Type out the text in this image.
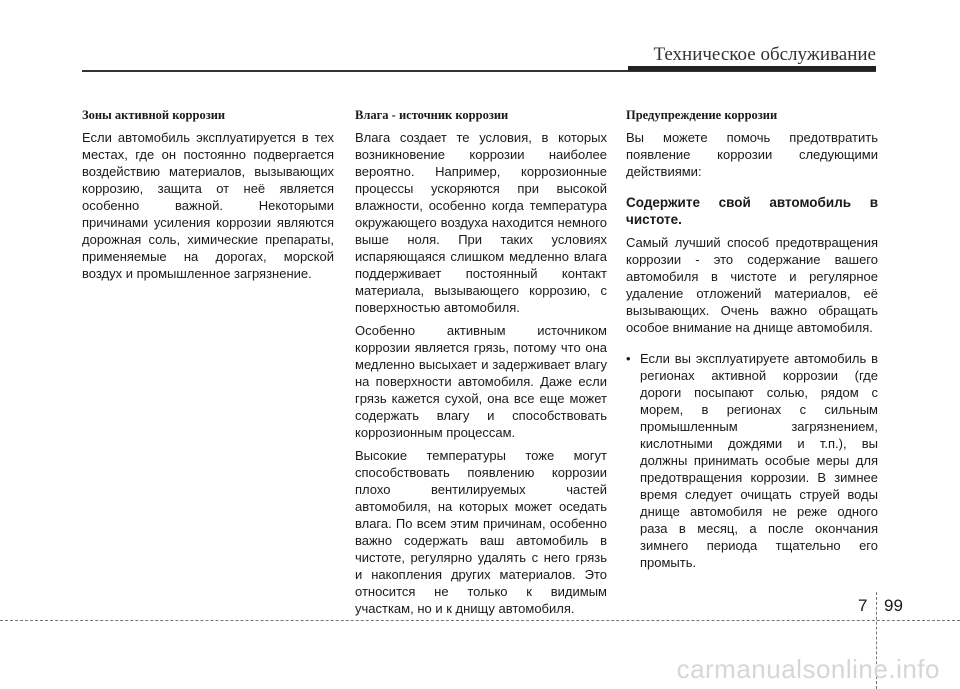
Техническое обслуживание
Зоны активной коррозии

Если автомобиль эксплуатируется в тех местах, где он постоянно подвергается воздействию материалов, вызывающих коррозию, защита от неё является особенно важной. Некоторыми причинами усиления коррозии являются дорожная соль, химические препараты, применяемые на дорогах, морской воздух и промышленное загрязнение.

Влага - источник коррозии

Влага создает те условия, в которых возникновение коррозии наиболее вероятно. Например, коррозионные процессы ускоряются при высокой влажности, особенно когда температура окружающего воздуха находится немного выше ноля. При таких условиях испаряющаяся слишком медленно влага поддерживает постоянный контакт материала, вызывающего коррозию, с поверхностью автомобиля.

Особенно активным источником коррозии является грязь, потому что она медленно высыхает и задерживает влагу на поверхности автомобиля. Даже если грязь кажется сухой, она все еще может содержать влагу и способствовать коррозионным процессам.

Высокие температуры тоже могут способствовать появлению коррозии плохо вентилируемых частей автомобиля, на которых может оседать влага. По всем этим причинам, особенно важно содержать ваш автомобиль в чистоте, регулярно удалять с него грязь и накопления других материалов. Это относится не только к видимым участкам, но и к днищу автомобиля.

Предупреждение коррозии

Вы можете помочь предотвратить появление коррозии следующими действиями:

Содержите свой автомобиль в чистоте.

Самый лучший способ предотвращения коррозии - это содержание вашего автомобиля в чистоте и регулярное удаление отложений материалов, её вызывающих. Очень важно обращать особое внимание на днище автомобиля.

• Если вы эксплуатируете автомобиль в регионах активной коррозии (где дороги посыпают солью, рядом с морем, в регионах с сильным промышленным загрязнением, кислотными дождями и т.п.), вы должны принимать особые меры для предотвращения коррозии. В зимнее время следует очищать струей воды днище автомобиля не реже одного раза в месяц, а после окончания зимнего периода тщательно его промыть.
7 99
carmanualsonline.info
